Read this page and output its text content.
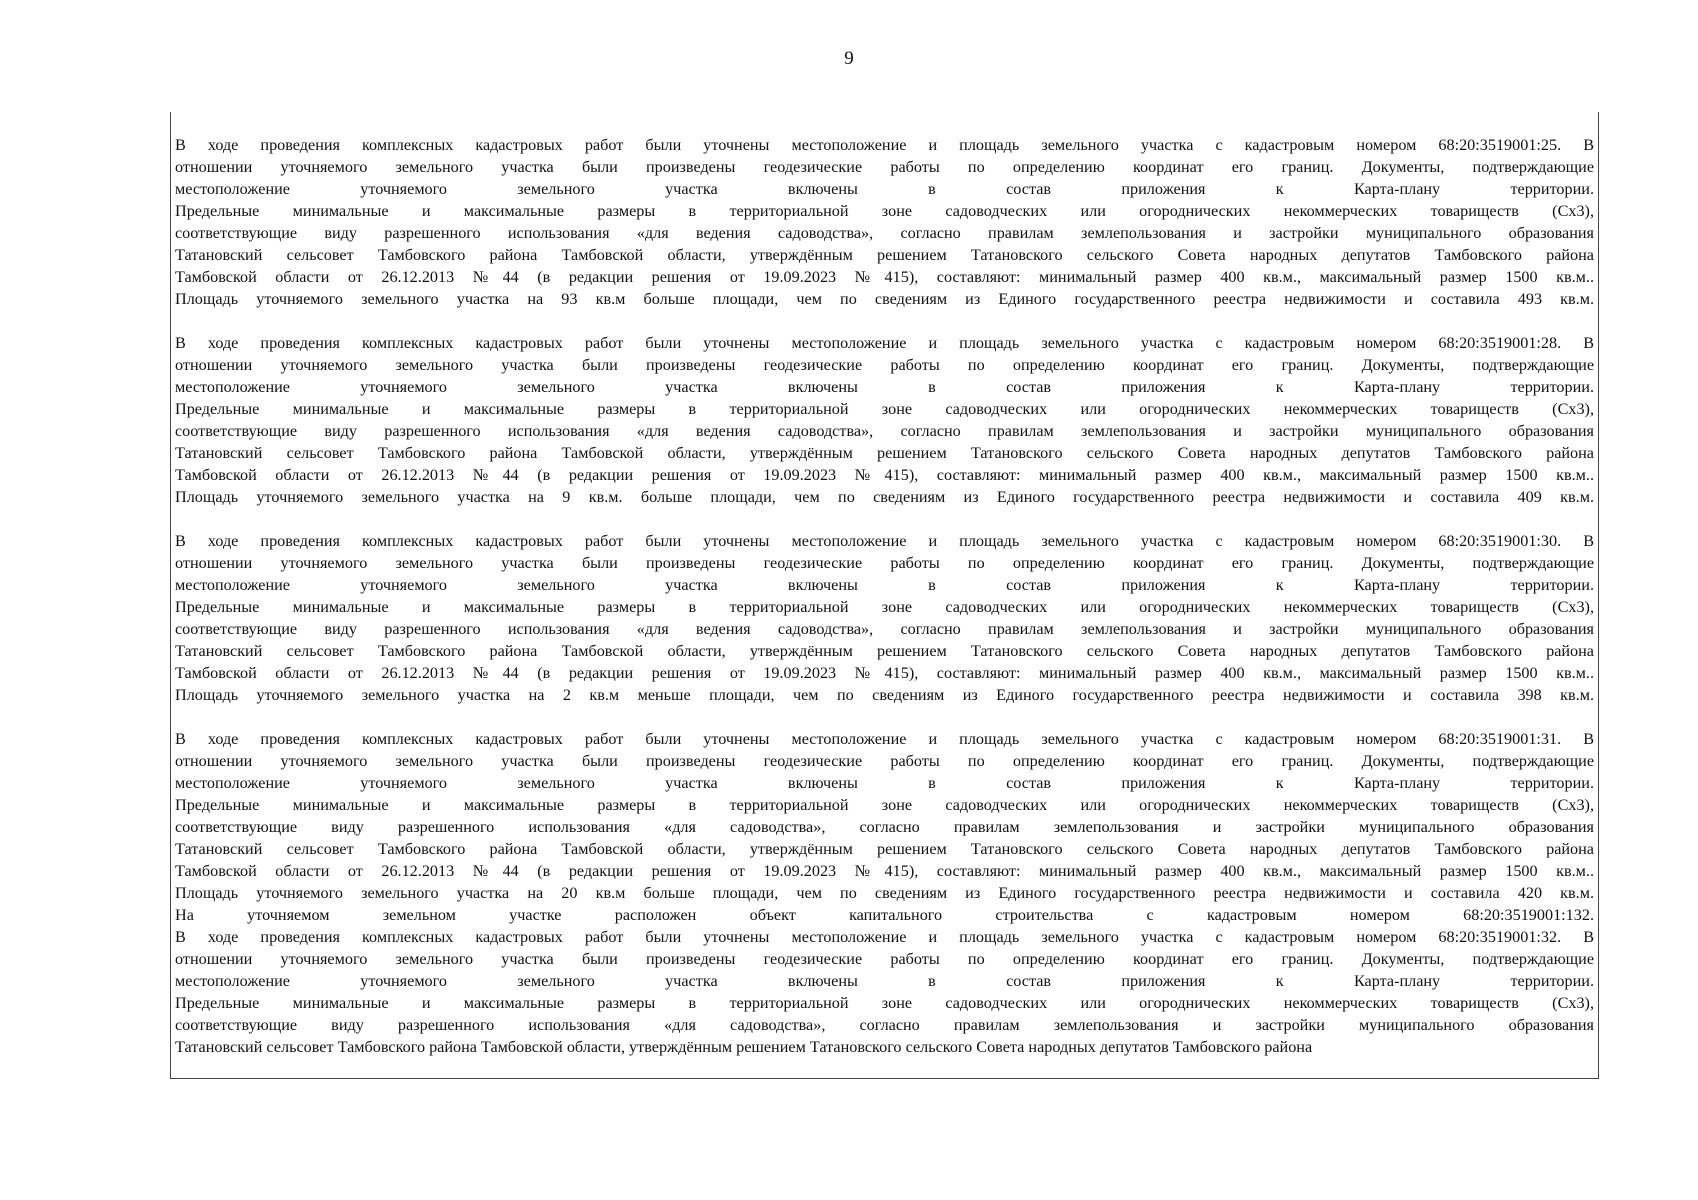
9
В ходе проведения комплексных кадастровых работ были уточнены местоположение и площадь земельного участка с кадастровым номером 68:20:3519001:25. В
отношении уточняемого земельного участка были произведены геодезические работы по определению координат его границ. Документы, подтверждающие
местоположение уточняемого земельного участка включены в состав приложения к Карта-плану территории.
Предельные минимальные и максимальные размеры в территориальной зоне садоводческих или огороднических некоммерческих товариществ (Сх3),
соответствующие виду разрешенного использования «для ведения садоводства», согласно правилам землепользования и застройки муниципального образования
Татановский сельсовет Тамбовского района Тамбовской области, утверждённым решением Татановского сельского Совета народных депутатов Тамбовского района
Тамбовской области от 26.12.2013 №44 (в редакции решения от 19.09.2023 №415), составляют: минимальный размер 400 кв.м., максимальный размер 1500 кв.м..
Площадь уточняемого земельного участка на 93 кв.м больше площади, чем по сведениям из Единого государственного реестра недвижимости и составила 493 кв.м.
В ходе проведения комплексных кадастровых работ были уточнены местоположение и площадь земельного участка с кадастровым номером 68:20:3519001:28. В
отношении уточняемого земельного участка были произведены геодезические работы по определению координат его границ. Документы, подтверждающие
местоположение уточняемого земельного участка включены в состав приложения к Карта-плану территории.
Предельные минимальные и максимальные размеры в территориальной зоне садоводческих или огороднических некоммерческих товариществ (Сх3),
соответствующие виду разрешенного использования «для ведения садоводства», согласно правилам землепользования и застройки муниципального образования
Татановский сельсовет Тамбовского района Тамбовской области, утверждённым решением Татановского сельского Совета народных депутатов Тамбовского района
Тамбовской области от 26.12.2013 №44 (в редакции решения от 19.09.2023 №415), составляют: минимальный размер 400 кв.м., максимальный размер 1500 кв.м..
Площадь уточняемого земельного участка на 9 кв.м. больше площади, чем по сведениям из Единого государственного реестра недвижимости и составила 409 кв.м.
В ходе проведения комплексных кадастровых работ были уточнены местоположение и площадь земельного участка с кадастровым номером 68:20:3519001:30. В
отношении уточняемого земельного участка были произведены геодезические работы по определению координат его границ. Документы, подтверждающие
местоположение уточняемого земельного участка включены в состав приложения к Карта-плану территории.
Предельные минимальные и максимальные размеры в территориальной зоне садоводческих или огороднических некоммерческих товариществ (Сх3),
соответствующие виду разрешенного использования «для ведения садоводства», согласно правилам землепользования и застройки муниципального образования
Татановский сельсовет Тамбовского района Тамбовской области, утверждённым решением Татановского сельского Совета народных депутатов Тамбовского района
Тамбовской области от 26.12.2013 №44 (в редакции решения от 19.09.2023 №415), составляют: минимальный размер 400 кв.м., максимальный размер 1500 кв.м..
Площадь уточняемого земельного участка на 2 кв.м меньше площади, чем по сведениям из Единого государственного реестра недвижимости и составила 398 кв.м.
В ходе проведения комплексных кадастровых работ были уточнены местоположение и площадь земельного участка с кадастровым номером 68:20:3519001:31. В
отношении уточняемого земельного участка были произведены геодезические работы по определению координат его границ. Документы, подтверждающие
местоположение уточняемого земельного участка включены в состав приложения к Карта-плану территории.
Предельные минимальные и максимальные размеры в территориальной зоне садоводческих или огороднических некоммерческих товариществ (Сх3),
соответствующие виду разрешенного использования «для садоводства», согласно правилам землепользования и застройки муниципального образования
Татановский сельсовет Тамбовского района Тамбовской области, утверждённым решением Татановского сельского Совета народных депутатов Тамбовского района
Тамбовской области от 26.12.2013 №44 (в редакции решения от 19.09.2023 №415), составляют: минимальный размер 400 кв.м., максимальный размер 1500 кв.м..
Площадь уточняемого земельного участка на 20 кв.м больше площади, чем по сведениям из Единого государственного реестра недвижимости и составила 420 кв.м.
На уточняемом земельном участке расположен объект капитального строительства с кадастровым номером 68:20:3519001:132.
В ходе проведения комплексных кадастровых работ были уточнены местоположение и площадь земельного участка с кадастровым номером 68:20:3519001:32. В
отношении уточняемого земельного участка были произведены геодезические работы по определению координат его границ. Документы, подтверждающие
местоположение уточняемого земельного участка включены в состав приложения к Карта-плану территории.
Предельные минимальные и максимальные размеры в территориальной зоне садоводческих или огороднических некоммерческих товариществ (Сх3),
соответствующие виду разрешенного использования «для садоводства», согласно правилам землепользования и застройки муниципального образования
Татановский сельсовет Тамбовского района Тамбовской области, утверждённым решением Татановского сельского Совета народных депутатов Тамбовского района
